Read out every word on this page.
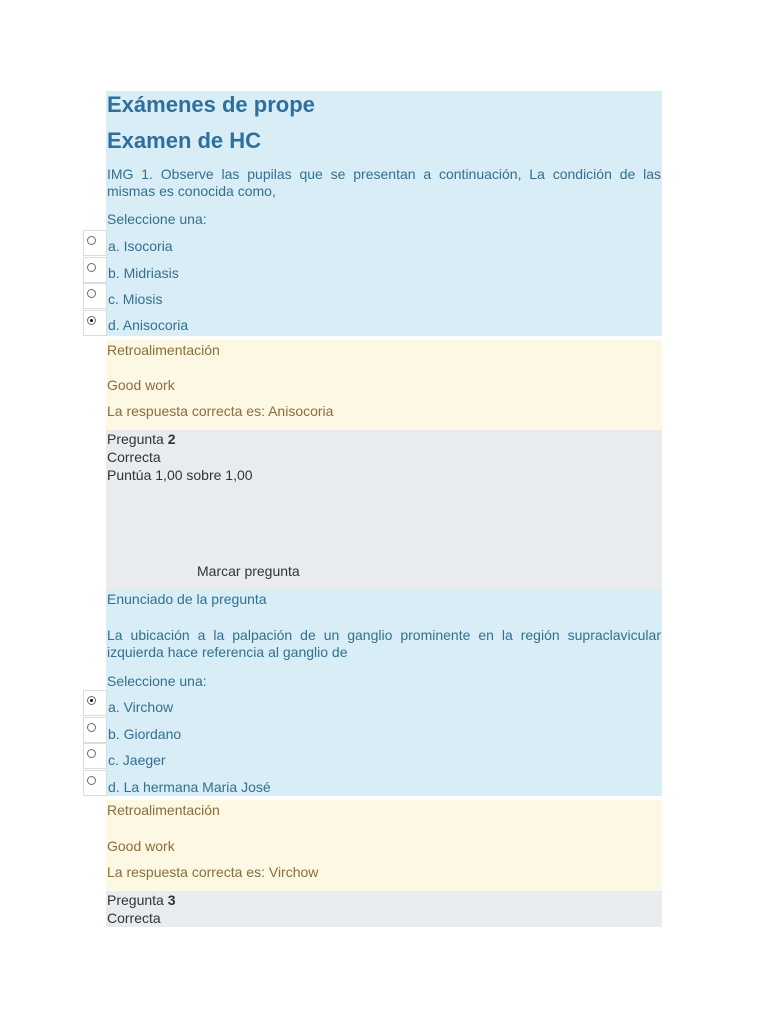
Exámenes de prope
Examen de HC
IMG 1. Observe las pupilas que se presentan a continuación, La condición de las mismas es conocida como,
Seleccione una:
a. Isocoria
b. Midriasis
c. Miosis
d. Anisocoria
Retroalimentación
Good work
La respuesta correcta es: Anisocoria
Pregunta 2
Correcta
Puntúa 1,00 sobre 1,00
Marcar pregunta
Enunciado de la pregunta
La ubicación a la palpación de un ganglio prominente en la región supraclavicular izquierda hace referencia al ganglio de
Seleccione una:
a. Virchow
b. Giordano
c. Jaeger
d. La hermana Maria José
Retroalimentación
Good work
La respuesta correcta es: Virchow
Pregunta 3
Correcta
